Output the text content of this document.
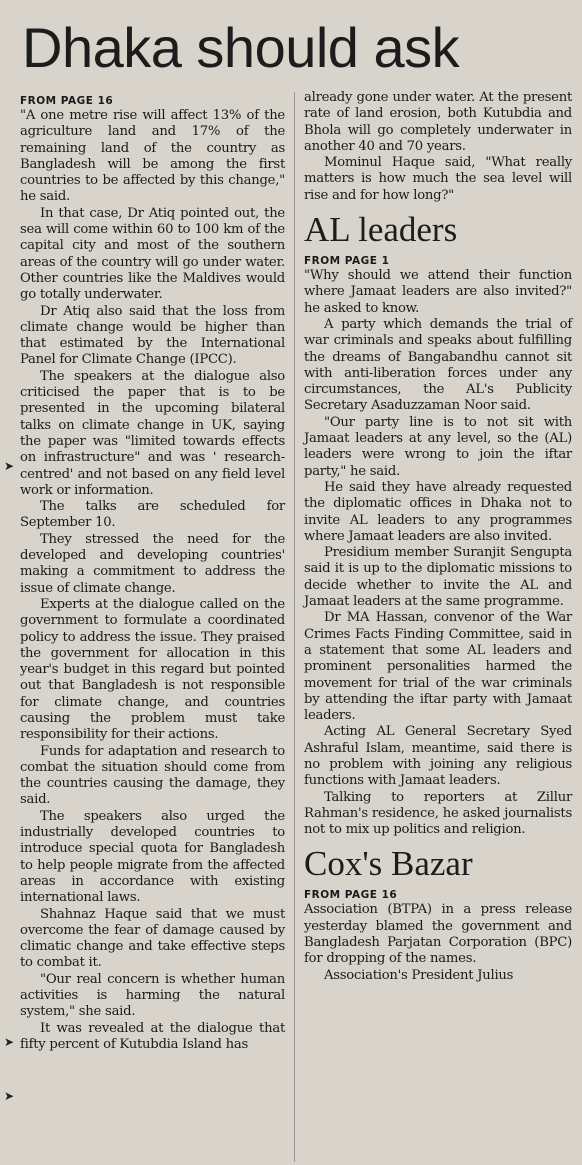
Dhaka should ask

FROM PAGE 16

"A one metre rise will affect 13% of the agriculture land and 17% of the remaining land of the country as Bangladesh will be among the first countries to be affected by this change," he said.

In that case, Dr Atiq pointed out, the sea will come within 60 to 100 km of the capital city and most of the southern areas of the country will go under water. Other countries like the Maldives would go totally underwater.

Dr Atiq also said that the loss from climate change would be higher than that estimated by the International Panel for Climate Change (IPCC).

The speakers at the dialogue also criticised the paper that is to be presented in the upcoming bilateral talks on climate change in UK, saying the paper was "limited towards effects on infrastructure" and was ' research-centred' and not based on any field level work or information.

The talks are scheduled for September 10.

They stressed the need for the developed and developing countries' making a commitment to address the issue of climate change.

Experts at the dialogue called on the government to formulate a coordinated policy to address the issue. They praised the government for allocation in this year's budget in this regard but pointed out that Bangladesh is not responsible for climate change, and countries causing the problem must take responsibility for their actions.

Funds for adaptation and research to combat the situation should come from the countries causing the damage, they said.

The speakers also urged the industrially developed countries to introduce special quota for Bangladesh to help people migrate from the affected areas in accordance with existing international laws.

Shahnaz Haque said that we must overcome the fear of damage caused by climatic change and take effective steps to combat it.

"Our real concern is whether human activities is harming the natural system," she said.

It was revealed at the dialogue that fifty percent of Kutubdia Island has

➤
➤
➤

already gone under water. At the present rate of land erosion, both Kutubdia and Bhola will go completely underwater in another 40 and 70 years.

Mominul Haque said, "What really matters is how much the sea level will rise and for how long?"

AL leaders

FROM PAGE 1

"Why should we attend their function where Jamaat leaders are also invited?" he asked to know.

A party which demands the trial of war criminals and speaks about fulfilling the dreams of Bangabandhu cannot sit with anti-liberation forces under any circumstances, the AL's Publicity Secretary Asaduzzaman Noor said.

"Our party line is to not sit with Jamaat leaders at any level, so the (AL) leaders were wrong to join the iftar party," he said.

He said they have already requested the diplomatic offices in Dhaka not to invite AL leaders to any programmes where Jamaat leaders are also invited.

Presidium member Suranjit Sengupta said it is up to the diplomatic missions to decide whether to invite the AL and Jamaat leaders at the same programme.

Dr MA Hassan, convenor of the War Crimes Facts Finding Committee, said in a statement that some AL leaders and prominent personalities harmed the movement for trial of the war criminals by attending the iftar party with Jamaat leaders.

Acting AL General Secretary Syed Ashraful Islam, meantime, said there is no problem with joining any religious functions with Jamaat leaders.

Talking to reporters at Zillur Rahman's residence, he asked journalists not to mix up politics and religion.

Cox's Bazar

FROM PAGE 16

Association (BTPA) in a press release yesterday blamed the government and Bangladesh Parjatan Corporation (BPC) for dropping of the names.

Association's President Julius
